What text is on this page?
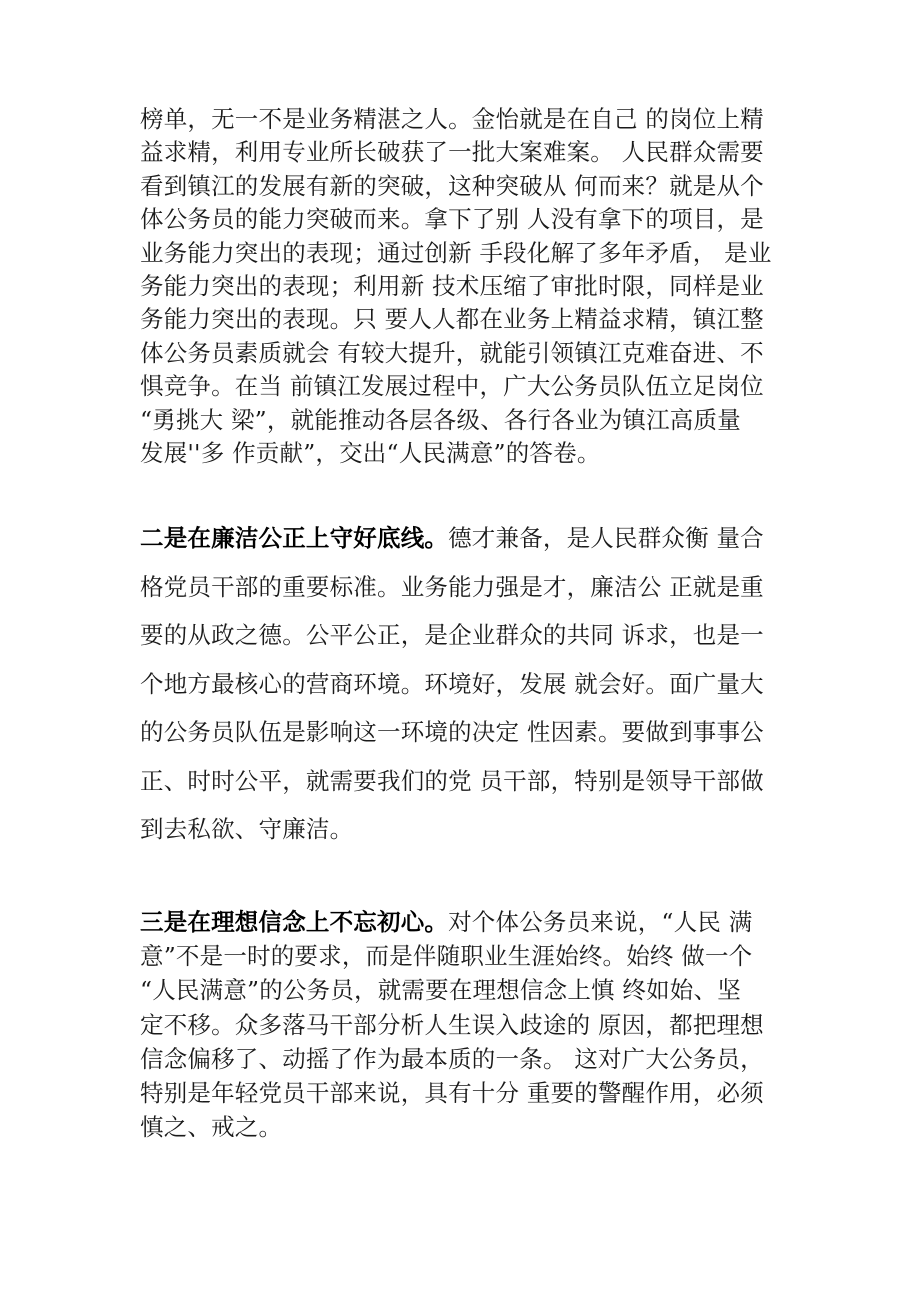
榜单，无一不是业务精湛之人。金怡就是在自己 的岗位上精
益求精，利用专业所长破获了一批大案难案。 人民群众需要
看到镇江的发展有新的突破，这种突破从 何而来？就是从个
体公务员的能力突破而来。拿下了别 人没有拿下的项目，是
业务能力突出的表现；通过创新 手段化解了多年矛盾， 是业
务能力突出的表现；利用新 技术压缩了审批时限，同样是业
务能力突出的表现。只 要人人都在业务上精益求精，镇江整
体公务员素质就会 有较大提升，就能引领镇江克难奋进、不
惧竞争。在当 前镇江发展过程中，广大公务员队伍立足岗位
“勇挑大 梁”，就能推动各层各级、各行各业为镇江高质量
发展''多 作贡献”，交出“人民满意”的答卷。

二是在廉洁公正上守好底线。德才兼备，是人民群众衡 量合
格党员干部的重要标准。业务能力强是才，廉洁公 正就是重
要的从政之德。公平公正，是企业群众的共同 诉求，也是一
个地方最核心的营商环境。环境好，发展 就会好。面广量大
的公务员队伍是影响这一环境的决定 性因素。要做到事事公
正、时时公平，就需要我们的党 员干部，特别是领导干部做
到去私欲、守廉洁。

三是在理想信念上不忘初心。对个体公务员来说，“人民 满
意”不是一时的要求，而是伴随职业生涯始终。始终 做一个
“人民满意”的公务员，就需要在理想信念上慎 终如始、坚
定不移。众多落马干部分析人生误入歧途的 原因，都把理想
信念偏移了、动摇了作为最本质的一条。 这对广大公务员，
特别是年轻党员干部来说，具有十分 重要的警醒作用，必须
慎之、戒之。
